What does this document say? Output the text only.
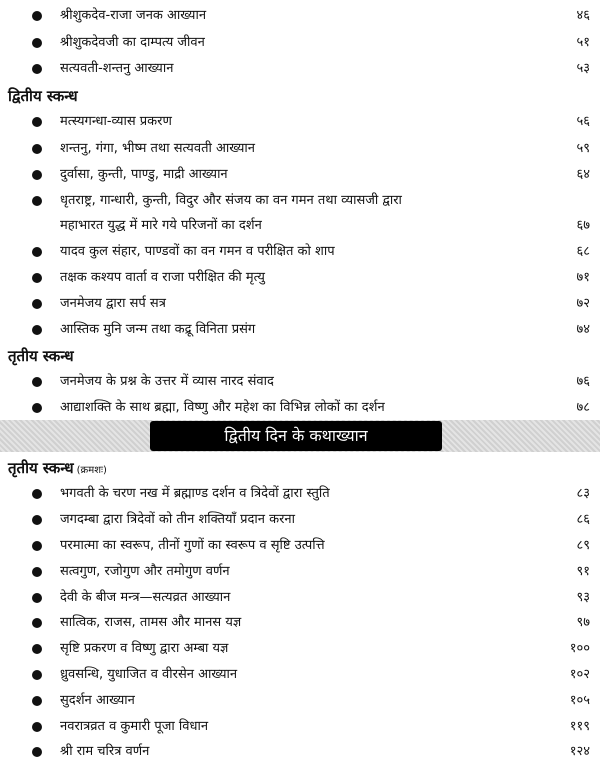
श्रीशुकदेव-राजा जनक आख्यान	४६
श्रीशुकदेवजी का दाम्पत्य जीवन	५१
सत्यवती-शन्तनु आख्यान	५३
द्वितीय स्कन्ध
मत्स्यगन्धा-व्यास प्रकरण	५६
शन्तनु, गंगा, भीष्म तथा सत्यवती आख्यान	५९
दुर्वासा, कुन्ती, पाण्डु, माद्री आख्यान	६४
धृतराष्ट्र, गान्धारी, कुन्ती, विदुर और संजय का वन गमन तथा व्यासजी द्वारा
महाभारत युद्ध में मारे गये परिजनों का दर्शन	६७
यादव कुल संहार, पाण्डवों का वन गमन व परीक्षित को शाप	६८
तक्षक कश्यप वार्ता व राजा परीक्षित की मृत्यु	७१
जनमेजय द्वारा सर्प सत्र	७२
आस्तिक मुनि जन्म तथा कद्रू विनिता प्रसंग	७४
तृतीय स्कन्ध
जनमेजय के प्रश्न के उत्तर में व्यास नारद संवाद	७६
आद्याशक्ति के साथ ब्रह्मा, विष्णु और महेश का विभिन्न लोकों का दर्शन	७८
द्वितीय दिन के कथाख्यान
तृतीय स्कन्ध (क्रमशः)
भगवती के चरण नख में ब्रह्माण्ड दर्शन व त्रिदेवों द्वारा स्तुति	८३
जगदम्बा द्वारा त्रिदेवों को तीन शक्तियाँ प्रदान करना	८६
परमात्मा का स्वरूप, तीनों गुणों का स्वरूप व सृष्टि उत्पत्ति	८९
सत्वगुण, रजोगुण और तमोगुण वर्णन	९१
देवी के बीज मन्त्र—सत्यव्रत आख्यान	९३
सात्विक, राजस, तामस और मानस यज्ञ	९७
सृष्टि प्रकरण व विष्णु द्वारा अम्बा यज्ञ	१००
ध्रुवसन्धि, युधाजित व वीरसेन आख्यान	१०२
सुदर्शन आख्यान	१०५
नवरात्रव्रत व कुमारी पूजा विधान	११९
श्री राम चरित्र वर्णन	१२४
